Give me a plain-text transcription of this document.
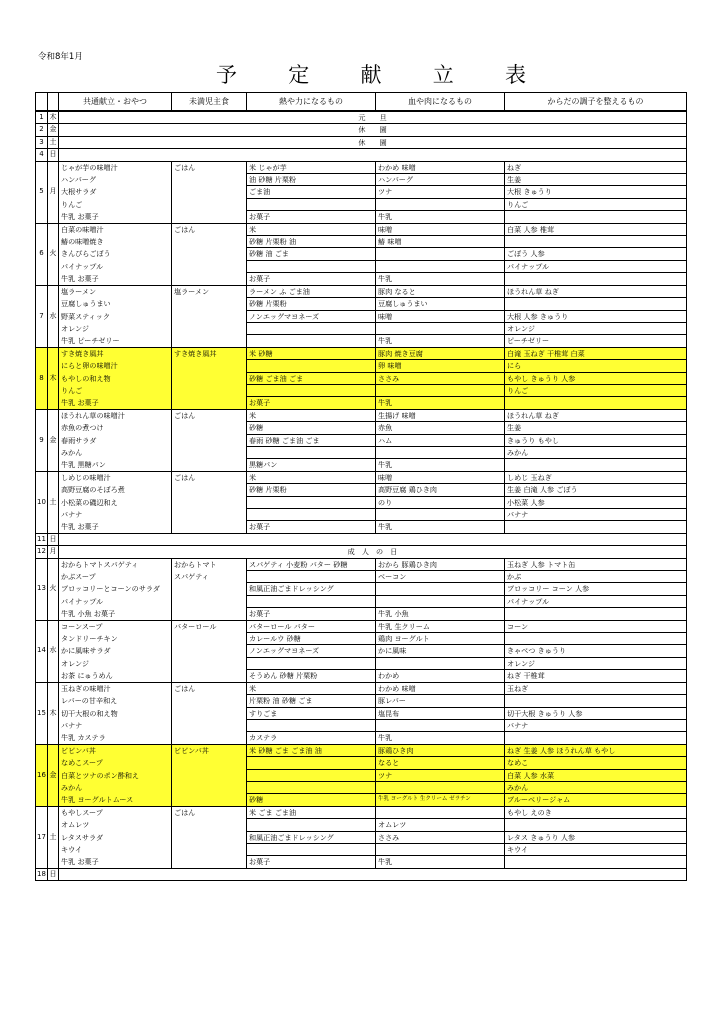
令和8年1月
予 定 献 立 表
		共通献立・おやつ	未満児主食	熱や力になるもの	血や肉になるもの	からだの調子を整えるもの
1	木	元　　旦				
2	金	休　　園				
3	土	休　　園				
4	日					
5	月	じゃが芋の味噌汁	ごはん	米 じゃが芋	わかめ 味噌	ねぎ
		ハンバーグ		油 砂糖 片栗粉	ハンバーグ	生姜
		大根サラダ		ごま油	ツナ	大根 きゅうり
		りんご				りんご
		牛乳 お菓子		お菓子	牛乳	
6	火	白菜の味噌汁	ごはん	米	味噌	白菜 人参 椎茸
		鰆の味噌焼き		砂糖 片栗粉 油	鰆 味噌	
		きんぴらごぼう		砂糖 油 ごま		ごぼう 人参
		パイナップル				パイナップル
		牛乳 お菓子		お菓子	牛乳	
7	水	塩ラーメン	塩ラーメン	ラーメン ふ ごま油	豚肉 なると	ほうれん草 ねぎ
		豆腐しゅうまい		砂糖 片栗粉	豆腐しゅうまい	
		野菜スティック		ノンエッグマヨネーズ	味噌	大根 人参 きゅうり
		オレンジ				オレンジ
		牛乳 ピーチゼリー			牛乳	ピーチゼリー
8	木	すき焼き風丼	すき焼き風丼	米 砂糖	豚肉 焼き豆腐	白滝 玉ねぎ 干椎茸 白菜
		にらと卵の味噌汁			卵 味噌	にら
		もやしの和え物		砂糖 ごま油 ごま	ささみ	もやし きゅうり 人参
		りんご				りんご
		牛乳 お菓子		お菓子	牛乳	
9	金	ほうれん草の味噌汁	ごはん	米	生揚げ 味噌	ほうれん草 ねぎ
		赤魚の煮つけ		砂糖	赤魚	生姜
		春雨サラダ		春雨 砂糖 ごま油 ごま	ハム	きゅうり もやし
		みかん				みかん
		牛乳 黒糖パン		黒糖パン	牛乳	
10	土	しめじの味噌汁	ごはん	米	味噌	しめじ 玉ねぎ
		高野豆腐のそぼろ煮		砂糖 片栗粉	高野豆腐 鶏ひき肉	生姜 白滝 人参 ごぼう
		小松菜の磯辺和え			のり	小松菜 人参
		バナナ				バナナ
		牛乳 お菓子		お菓子	牛乳	
11	日					
12	月	成　人　の　日				
13	火	おからトマトスパゲティ	おからトマト	スパゲティ 小麦粉 バター 砂糖	おから 豚鶏ひき肉	玉ねぎ 人参 トマト缶
		かぶスープ	スパゲティ		ベーコン	かぶ
		ブロッコリーとコーンのサラダ		和風正油ごまドレッシング		ブロッコリー コーン 人参
		パイナップル				パイナップル
		牛乳 小魚 お菓子		お菓子	牛乳 小魚	
14	水	コーンスープ	バターロール	バターロール バター	牛乳 生クリーム	コーン
		タンドリーチキン		カレールウ 砂糖	鶏肉 ヨーグルト	
		かに風味サラダ		ノンエッグマヨネーズ	かに風味	きゃべつ きゅうり
		オレンジ				オレンジ
		お茶 にゅうめん		そうめん 砂糖 片栗粉	わかめ	ねぎ 干椎茸
15	木	玉ねぎの味噌汁	ごはん	米	わかめ 味噌	玉ねぎ
		レバーの甘辛和え		片栗粉 油 砂糖 ごま	豚レバー	
		切干大根の和え物		すりごま	塩昆布	切干大根 きゅうり 人参
		バナナ				バナナ
		牛乳 カステラ		カステラ	牛乳	
16	金	ビビンバ丼	ビビンバ丼	米 砂糖 ごま ごま油 油	豚鶏ひき肉	ねぎ 生姜 人参 ほうれん草 もやし
		なめこスープ			なると	なめこ
		白菜とツナのポン酢和え			ツナ	白菜 人参 水菜
		みかん				みかん
		牛乳 ヨーグルトムース		砂糖	牛乳 ヨーグルト 生クリーム ゼラチン	ブルーベリージャム
17	土	もやしスープ	ごはん	米 ごま ごま油		もやし えのき
		オムレツ			オムレツ	
		レタスサラダ		和風正油ごまドレッシング	ささみ	レタス きゅうり 人参
		キウイ				キウイ
		牛乳 お菓子		お菓子	牛乳	
18	日					
